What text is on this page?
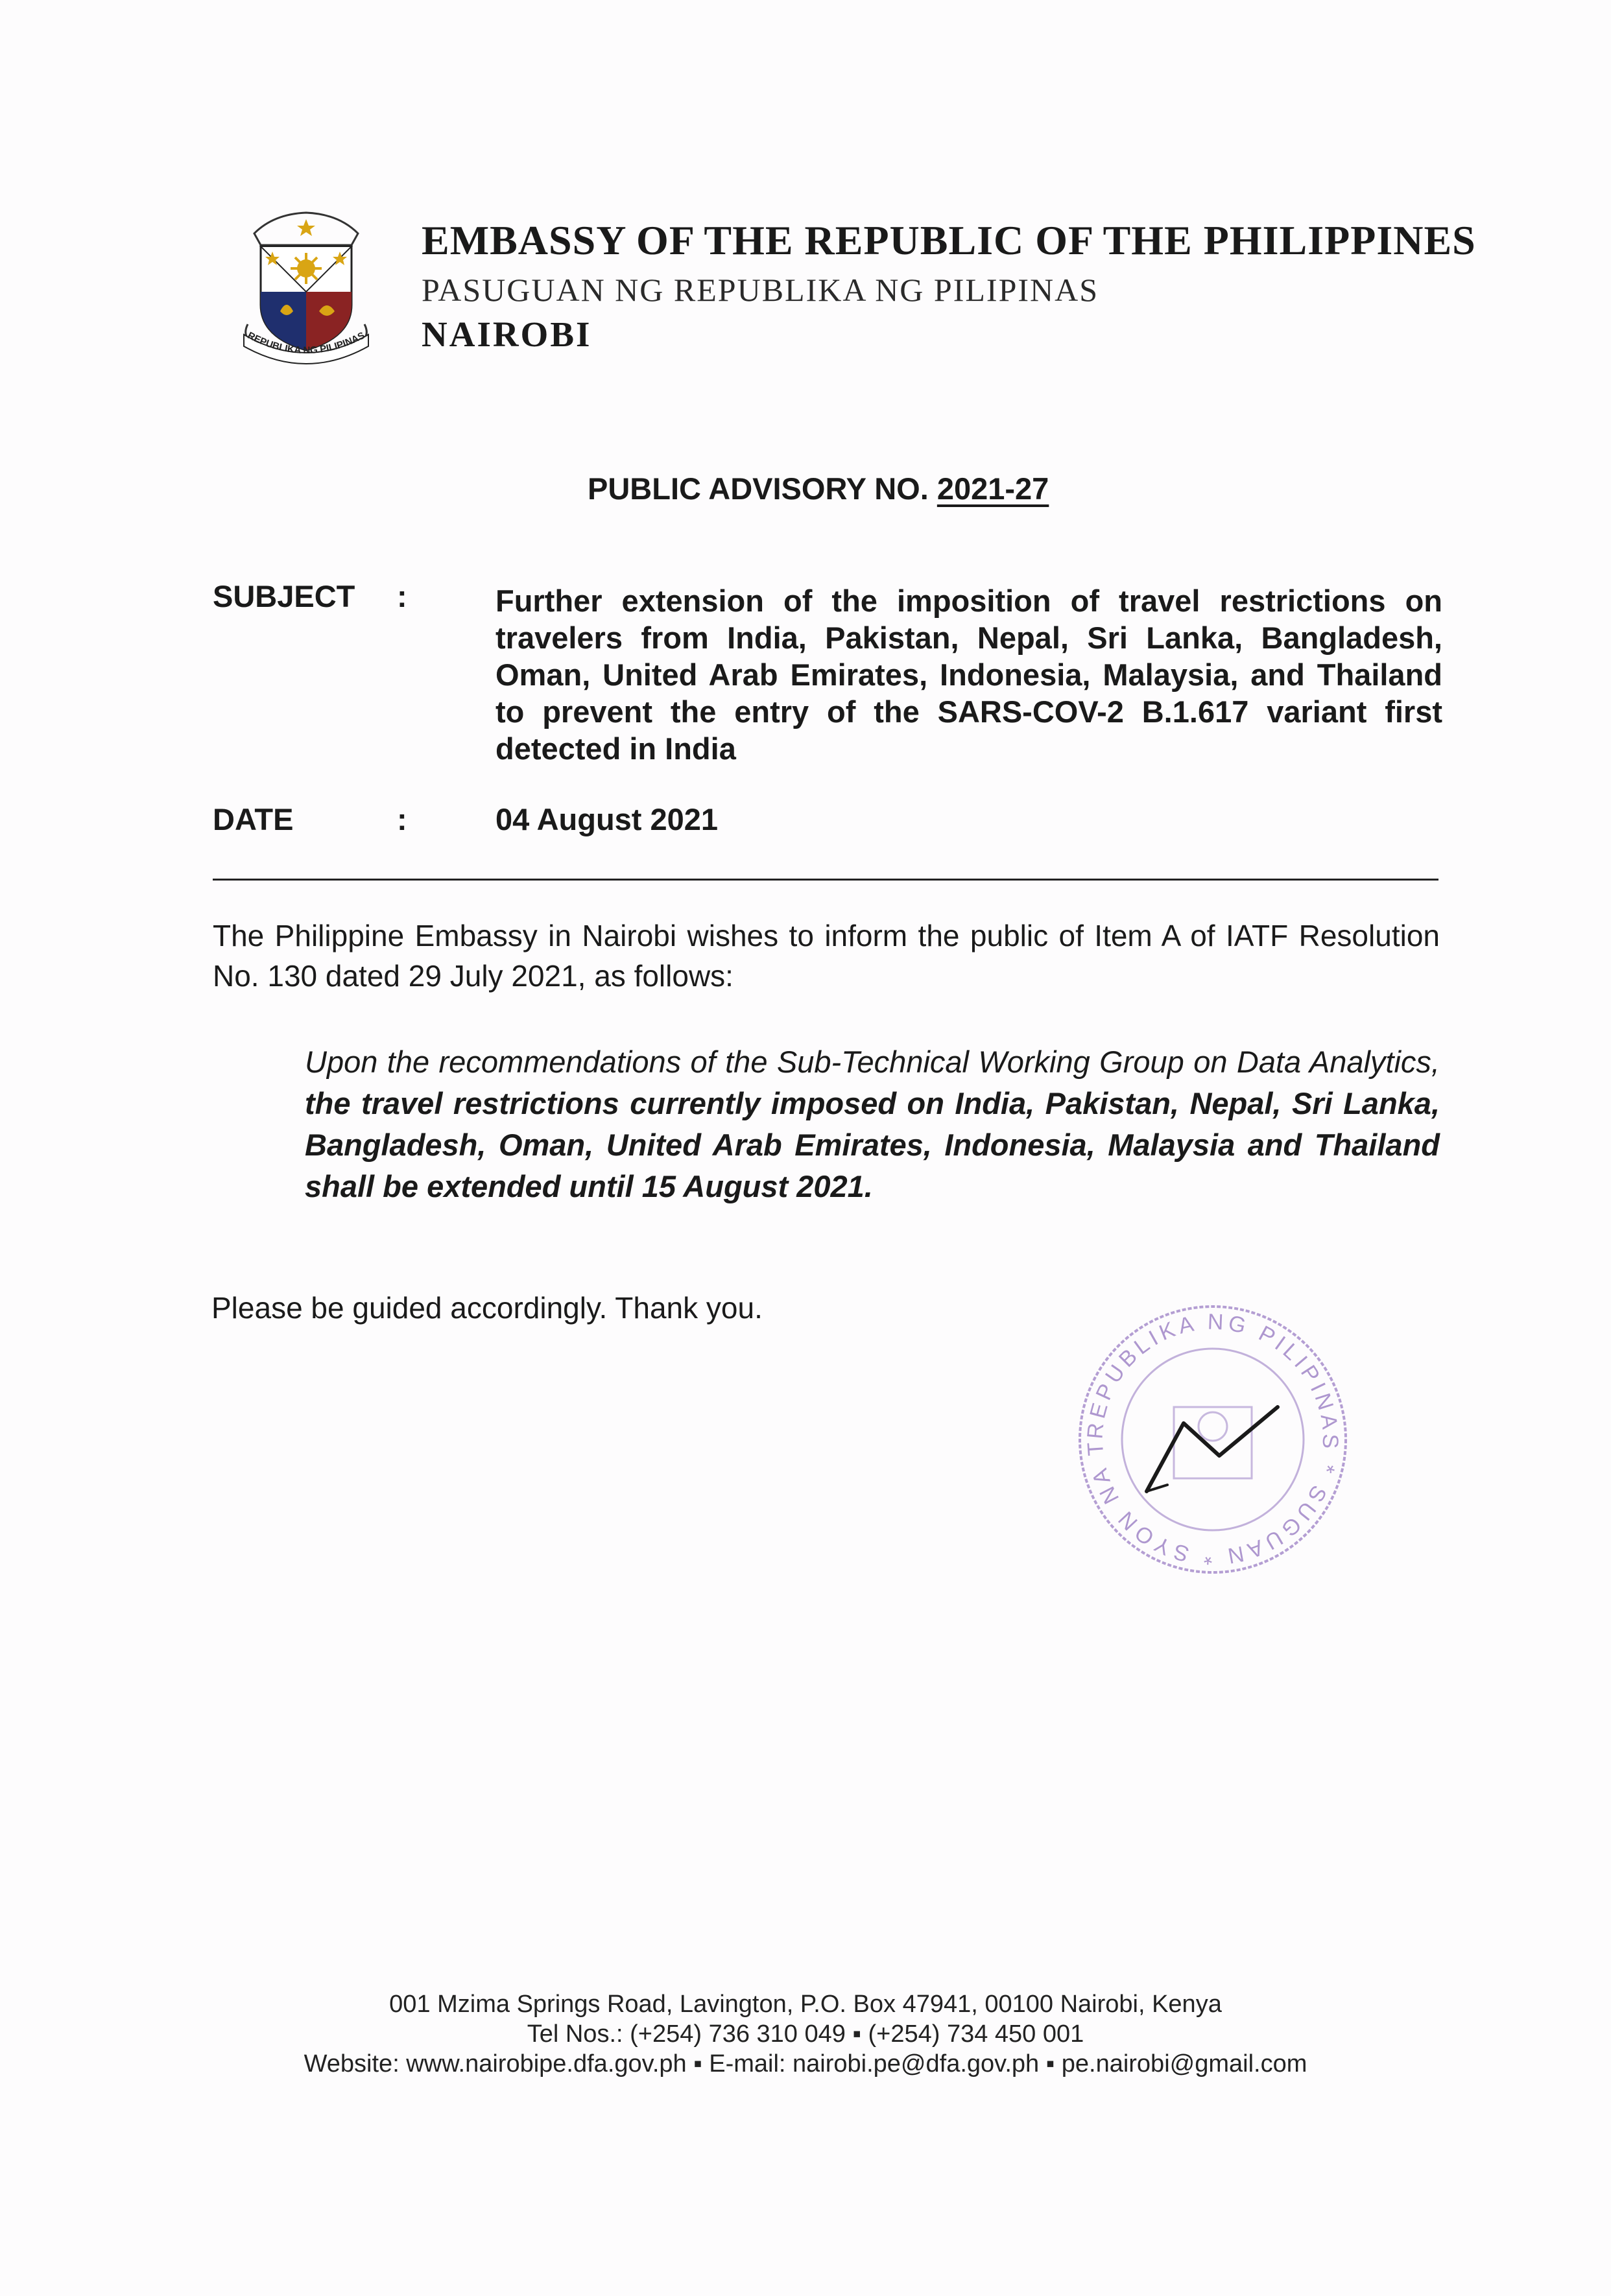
REPUBLIKA NG PILIPINAS
EMBASSY OF THE REPUBLIC OF THE PHILIPPINES
PASUGUAN NG REPUBLIKA NG PILIPINAS
NAIROBI
PUBLIC ADVISORY NO. 2021-27
SUBJECT :	Further extension of the imposition of travel restrictions on travelers from India, Pakistan, Nepal, Sri Lanka, Bangladesh, Oman, United Arab Emirates, Indonesia, Malaysia, and Thailand to prevent the entry of the SARS-COV-2 B.1.617 variant first detected in India
DATE	:	04 August 2021
The Philippine Embassy in Nairobi wishes to inform the public of Item A of IATF Resolution No. 130 dated 29 July 2021, as follows:
Upon the recommendations of the Sub-Technical Working Group on Data Analytics, the travel restrictions currently imposed on India, Pakistan, Nepal, Sri Lanka, Bangladesh, Oman, United Arab Emirates, Indonesia, Malaysia and Thailand shall be extended until 15 August 2021.
Please be guided accordingly. Thank you.
REPUBLIKA NG PILIPINAS * SUGUAN * SYON NA T
001 Mzima Springs Road, Lavington, P.O. Box 47941, 00100 Nairobi, Kenya
Tel Nos.: (+254) 736 310 049 ▪ (+254) 734 450 001
Website: www.nairobipe.dfa.gov.ph ▪ E-mail: nairobi.pe@dfa.gov.ph ▪ pe.nairobi@gmail.com
